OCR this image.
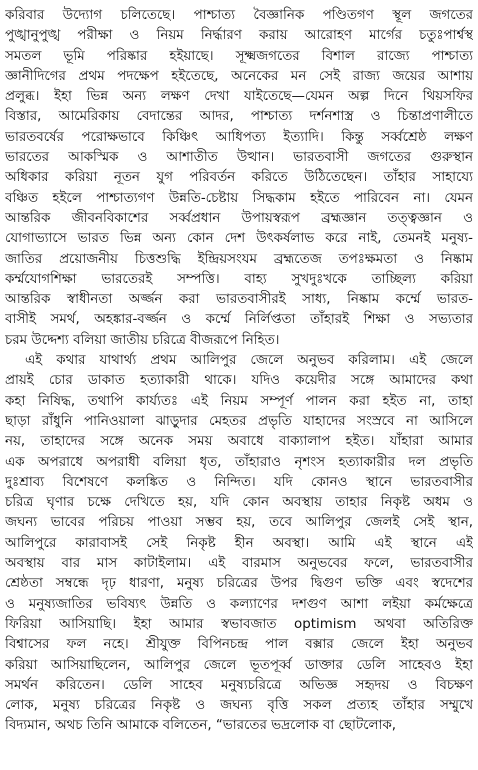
করিবার উদ্যোগ চলিতেছে। পাশ্চাত্য বৈজ্ঞানিক পণ্ডিতগণ স্থূল জগতের
পুঙ্খানুপুঙ্খ পরীক্ষা ও নিয়ম নির্দ্ধারণ করায় আরোহণ মার্গের চতুঃপার্শ্বস্থ
সমতল ভূমি পরিষ্কার হইয়াছে। সূক্ষ্মজগতের বিশাল রাজ্যে পাশ্চাত্য
জ্ঞানীদিগের প্রথম পদক্ষেপ হইতেছে, অনেকের মন সেই রাজ্য জয়ের আশায়
প্রলুব্ধ। ইহা ভিন্ন অন্য লক্ষণ দেখা যাইতেছে—যেমন অল্প দিনে থিয়সফির
বিস্তার, আমেরিকায় বেদান্তের আদর, পাশ্চাত্য দর্শনশাস্ত্র ও চিন্তাপ্রণালীতে
ভারতবর্ষের পরোক্ষভাবে কিঞ্চিৎ আধিপত্য ইত্যাদি। কিন্তু সর্ব্বশ্রেষ্ঠ লক্ষণ
ভারতের আকস্মিক ও আশাতীত উত্থান। ভারতবাসী জগতের গুরুস্থান
অধিকার করিয়া নূতন যুগ পরিবর্তন করিতে উঠিতেছেন। তাঁহার সাহায্যে
বঞ্চিত হইলে পাশ্চাত্যগণ উন্নতি-চেষ্টায় সিদ্ধকাম হইতে পারিবেন না। যেমন
আন্তরিক জীবনবিকাশের সর্ব্বপ্রধান উপায়স্বরূপ ব্রহ্মজ্ঞান তত্ত্বজ্ঞান ও
যোগাভ্যাসে ভারত ভিন্ন অন্য কোন দেশ উৎকর্ষলাভ করে নাই, তেমনই মনুষ্য-
জাতির প্রয়োজনীয় চিত্তশুদ্ধি ইন্দ্রিয়সংযম ব্রহ্মতেজ তপঃক্ষমতা ও নিষ্কাম
কর্ম্মযোগশিক্ষা ভারতেরই সম্পত্তি। বাহ্য সুখদুঃখকে তাচ্ছিল্য করিয়া
আন্তরিক স্বাধীনতা অর্জ্জন করা ভারতবাসীরই সাধ্য, নিষ্কাম কর্ম্মে ভারত-
বাসীই সমর্থ, অহঙ্কার-বর্জ্জন ও কর্ম্মে নির্লিপ্ততা তাঁহারই শিক্ষা ও সভ্যতার
চরম উদ্দেশ্য বলিয়া জাতীয় চরিত্রে বীজরূপে নিহিত।
এই কথার যাথার্থ্য প্রথম আলিপুর জেলে অনুভব করিলাম। এই জেলে
প্রায়ই চোর ডাকাত হত্যাকারী থাকে। যদিও কয়েদীর সঙ্গে আমাদের কথা
কহা নিষিদ্ধ, তথাপি কার্য্যতঃ এই নিয়ম সম্পূর্ণ পালন করা হইত না, তাহা
ছাড়া রাঁধুনি পানিওয়ালা ঝাড়ুদার মেহতর প্রভৃতি যাহাদের সংস্রবে না আসিলে
নয়, তাহাদের সঙ্গে অনেক সময় অবাধে বাক্যালাপ হইত। যাঁহারা আমার
এক অপরাধে অপরাধী বলিয়া ধৃত, তাঁহারাও নৃশংস হত্যাকারীর দল প্রভৃতি
দুঃশ্রাব্য বিশেষণে কলঙ্কিত ও নিন্দিত। যদি কোনও স্থানে ভারতবাসীর
চরিত্র ঘৃণার চক্ষে দেখিতে হয়, যদি কোন অবস্থায় তাহার নিকৃষ্ট অধম ও
জঘন্য ভাবের পরিচয় পাওয়া সম্ভব হয়, তবে আলিপুর জেলই সেই স্থান,
আলিপুরে কারাবাসই সেই নিকৃষ্ট হীন অবস্থা। আমি এই স্থানে এই
অবস্থায় বার মাস কাটাইলাম। এই বারমাস অনুভবের ফলে, ভারতবাসীর
শ্রেষ্ঠতা সম্বন্ধে দৃঢ় ধারণা, মনুষ্য চরিত্রের উপর দ্বিগুণ ভক্তি এবং স্বদেশের
ও মনুষ্যজাতির ভবিষ্যৎ উন্নতি ও কল্যাণের দশগুণ আশা লইয়া কর্মক্ষেত্রে
ফিরিয়া আসিয়াছি। ইহা আমার স্বভাবজাত optimism অথবা অতিরিক্ত
বিশ্বাসের ফল নহে। শ্রীযুক্ত বিপিনচন্দ্র পাল বক্সার জেলে ইহা অনুভব
করিয়া আসিয়াছিলেন, আলিপুর জেলে ভূতপূর্ব্ব ডাক্তার ডেলি সাহেবও ইহা
সমর্থন করিতেন। ডেলি সাহেব মনুষ্যচরিত্রে অভিজ্ঞ সহৃদয় ও বিচক্ষণ
লোক, মনুষ্য চরিত্রের নিকৃষ্ট ও জঘন্য বৃত্তি সকল প্রত্যহ তাঁহার সম্মুখে
বিদ্যমান, অথচ তিনি আমাকে বলিতেন, “ভারতের ভদ্রলোক বা ছোটলোক,
